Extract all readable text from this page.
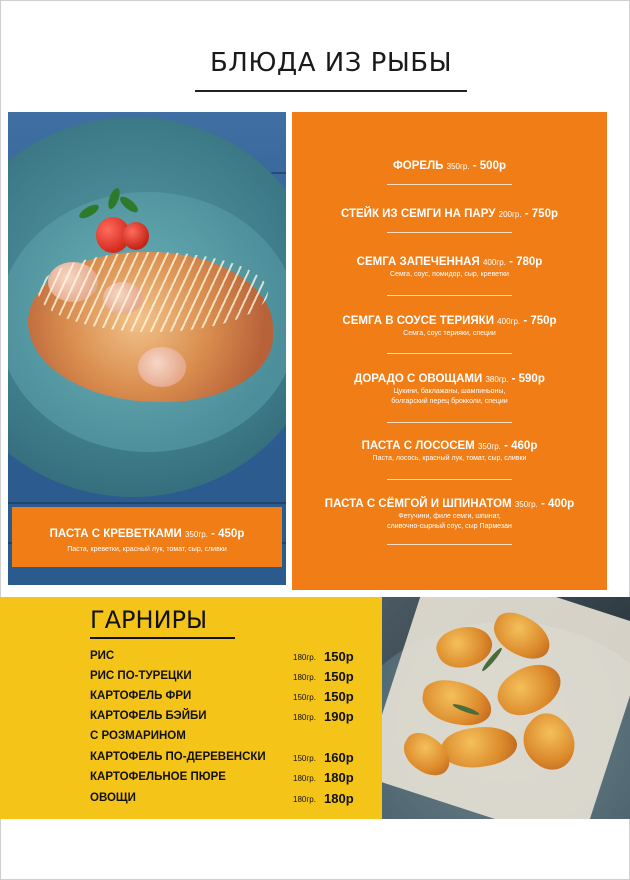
БЛЮДА ИЗ РЫБЫ
ПАСТА С КРЕВЕТКАМИ 350гр. - 450р
Паста, креветки, красный лук, томат, сыр, сливки
ФОРЕЛЬ 350гр. - 500р
СТЕЙК ИЗ СЕМГИ НА ПАРУ 200гр. - 750р
СЕМГА ЗАПЕЧЕННАЯ 400гр. - 780р
Семга, соус, помидор, сыр, креветки
СЕМГА В СОУСЕ ТЕРИЯКИ 400гр. - 750р
Семга, соус терияки, специи
ДОРАДО С ОВОЩАМИ 380гр. - 590р
Цукини, баклажаны, шампиньоны,
болгарский перец брокколи, специи
ПАСТА С ЛОСОСЕМ 350гр. - 460р
Паста, лосось, красный лук, томат, сыр, сливки
ПАСТА С СЁМГОЙ И ШПИНАТОМ 350гр. - 400р
Фетучини, филе семги, шпинат,
сливочно-сырный соус, сыр Пармезан
ГАРНИРЫ
РИС	180гр. 150р
РИС ПО-ТУРЕЦКИ	180гр. 150р
КАРТОФЕЛЬ ФРИ	150гр. 150р
КАРТОФЕЛЬ БЭЙБИ	180гр. 190р
С РОЗМАРИНОМ
КАРТОФЕЛЬ ПО-ДЕРЕВЕНСКИ	150гр. 160р
КАРТОФЕЛЬНОЕ ПЮРЕ	180гр. 180р
ОВОЩИ	180гр. 180р
